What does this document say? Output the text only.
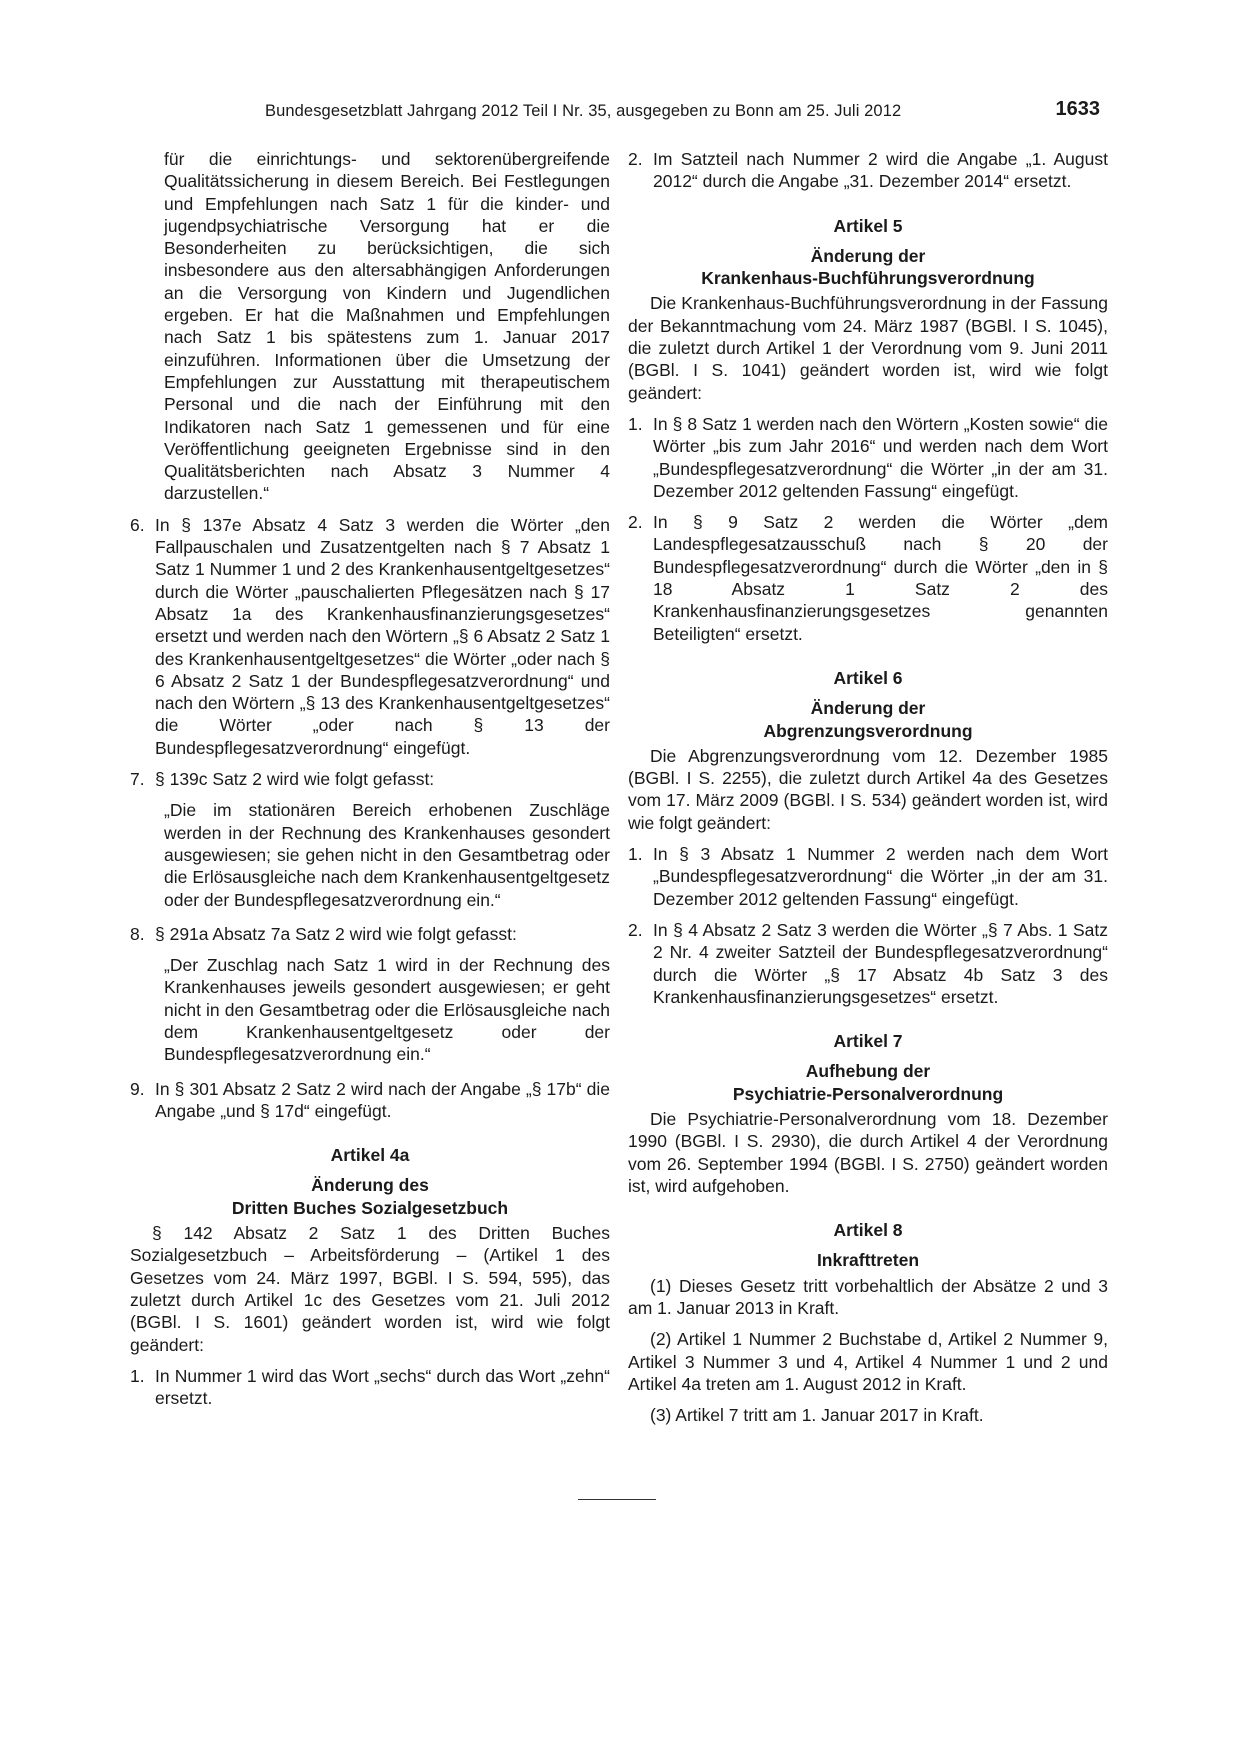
Bundesgesetzblatt Jahrgang 2012 Teil I Nr. 35, ausgegeben zu Bonn am 25. Juli 2012	1633

für die einrichtungs- und sektorenübergreifende Qualitätssicherung in diesem Bereich. Bei Festlegungen und Empfehlungen nach Satz 1 für die kinder- und jugendpsychiatrische Versorgung hat er die Besonderheiten zu berücksichtigen, die sich insbesondere aus den altersabhängigen Anforderungen an die Versorgung von Kindern und Jugendlichen ergeben. Er hat die Maßnahmen und Empfehlungen nach Satz 1 bis spätestens zum 1. Januar 2017 einzuführen. Informationen über die Umsetzung der Empfehlungen zur Ausstattung mit therapeutischem Personal und die nach der Einführung mit den Indikatoren nach Satz 1 gemessenen und für eine Veröffentlichung geeigneten Ergebnisse sind in den Qualitätsberichten nach Absatz 3 Nummer 4 darzustellen.“

6. In § 137e Absatz 4 Satz 3 werden die Wörter „den Fallpauschalen und Zusatzentgelten nach § 7 Absatz 1 Satz 1 Nummer 1 und 2 des Krankenhausentgeltgesetzes“ durch die Wörter „pauschalierten Pflegesätzen nach § 17 Absatz 1a des Krankenhausfinanzierungsgesetzes“ ersetzt und werden nach den Wörtern „§ 6 Absatz 2 Satz 1 des Krankenhausentgeltgesetzes“ die Wörter „oder nach § 6 Absatz 2 Satz 1 der Bundespflegesatzverordnung“ und nach den Wörtern „§ 13 des Krankenhausentgeltgesetzes“ die Wörter „oder nach § 13 der Bundespflegesatzverordnung“ eingefügt.
7. § 139c Satz 2 wird wie folgt gefasst:

„Die im stationären Bereich erhobenen Zuschläge werden in der Rechnung des Krankenhauses gesondert ausgewiesen; sie gehen nicht in den Gesamtbetrag oder die Erlösausgleiche nach dem Krankenhausentgeltgesetz oder der Bundespflegesatzverordnung ein.“

8. § 291a Absatz 7a Satz 2 wird wie folgt gefasst:

„Der Zuschlag nach Satz 1 wird in der Rechnung des Krankenhauses jeweils gesondert ausgewiesen; er geht nicht in den Gesamtbetrag oder die Erlösausgleiche nach dem Krankenhausentgeltgesetz oder der Bundespflegesatzverordnung ein.“

9. In § 301 Absatz 2 Satz 2 wird nach der Angabe „§ 17b“ die Angabe „und § 17d“ eingefügt.
Artikel 4a
Änderung des
Dritten Buches Sozialgesetzbuch

§ 142 Absatz 2 Satz 1 des Dritten Buches Sozialgesetzbuch – Arbeitsförderung – (Artikel 1 des Gesetzes vom 24. März 1997, BGBl. I S. 594, 595), das zuletzt durch Artikel 1c des Gesetzes vom 21. Juli 2012 (BGBl. I S. 1601) geändert worden ist, wird wie folgt geändert:

1. In Nummer 1 wird das Wort „sechs“ durch das Wort „zehn“ ersetzt.
2. Im Satzteil nach Nummer 2 wird die Angabe „1. August 2012“ durch die Angabe „31. Dezember 2014“ ersetzt.
Artikel 5
Änderung der
Krankenhaus-Buchführungsverordnung

Die Krankenhaus-Buchführungsverordnung in der Fassung der Bekanntmachung vom 24. März 1987 (BGBl. I S. 1045), die zuletzt durch Artikel 1 der Verordnung vom 9. Juni 2011 (BGBl. I S. 1041) geändert worden ist, wird wie folgt geändert:

1. In § 8 Satz 1 werden nach den Wörtern „Kosten sowie“ die Wörter „bis zum Jahr 2016“ und werden nach dem Wort „Bundespflegesatzverordnung“ die Wörter „in der am 31. Dezember 2012 geltenden Fassung“ eingefügt.
2. In § 9 Satz 2 werden die Wörter „dem Landespflegesatzausschuß nach § 20 der Bundespflegesatzverordnung“ durch die Wörter „den in § 18 Absatz 1 Satz 2 des Krankenhausfinanzierungsgesetzes genannten Beteiligten“ ersetzt.
Artikel 6
Änderung der
Abgrenzungsverordnung

Die Abgrenzungsverordnung vom 12. Dezember 1985 (BGBl. I S. 2255), die zuletzt durch Artikel 4a des Gesetzes vom 17. März 2009 (BGBl. I S. 534) geändert worden ist, wird wie folgt geändert:

1. In § 3 Absatz 1 Nummer 2 werden nach dem Wort „Bundespflegesatzverordnung“ die Wörter „in der am 31. Dezember 2012 geltenden Fassung“ eingefügt.
2. In § 4 Absatz 2 Satz 3 werden die Wörter „§ 7 Abs. 1 Satz 2 Nr. 4 zweiter Satzteil der Bundespflegesatzverordnung“ durch die Wörter „§ 17 Absatz 4b Satz 3 des Krankenhausfinanzierungsgesetzes“ ersetzt.
Artikel 7
Aufhebung der
Psychiatrie-Personalverordnung

Die Psychiatrie-Personalverordnung vom 18. Dezember 1990 (BGBl. I S. 2930), die durch Artikel 4 der Verordnung vom 26. September 1994 (BGBl. I S. 2750) geändert worden ist, wird aufgehoben.

Artikel 8
Inkrafttreten

(1) Dieses Gesetz tritt vorbehaltlich der Absätze 2 und 3 am 1. Januar 2013 in Kraft.

(2) Artikel 1 Nummer 2 Buchstabe d, Artikel 2 Nummer 9, Artikel 3 Nummer 3 und 4, Artikel 4 Nummer 1 und 2 und Artikel 4a treten am 1. August 2012 in Kraft.

(3) Artikel 7 tritt am 1. Januar 2017 in Kraft.
